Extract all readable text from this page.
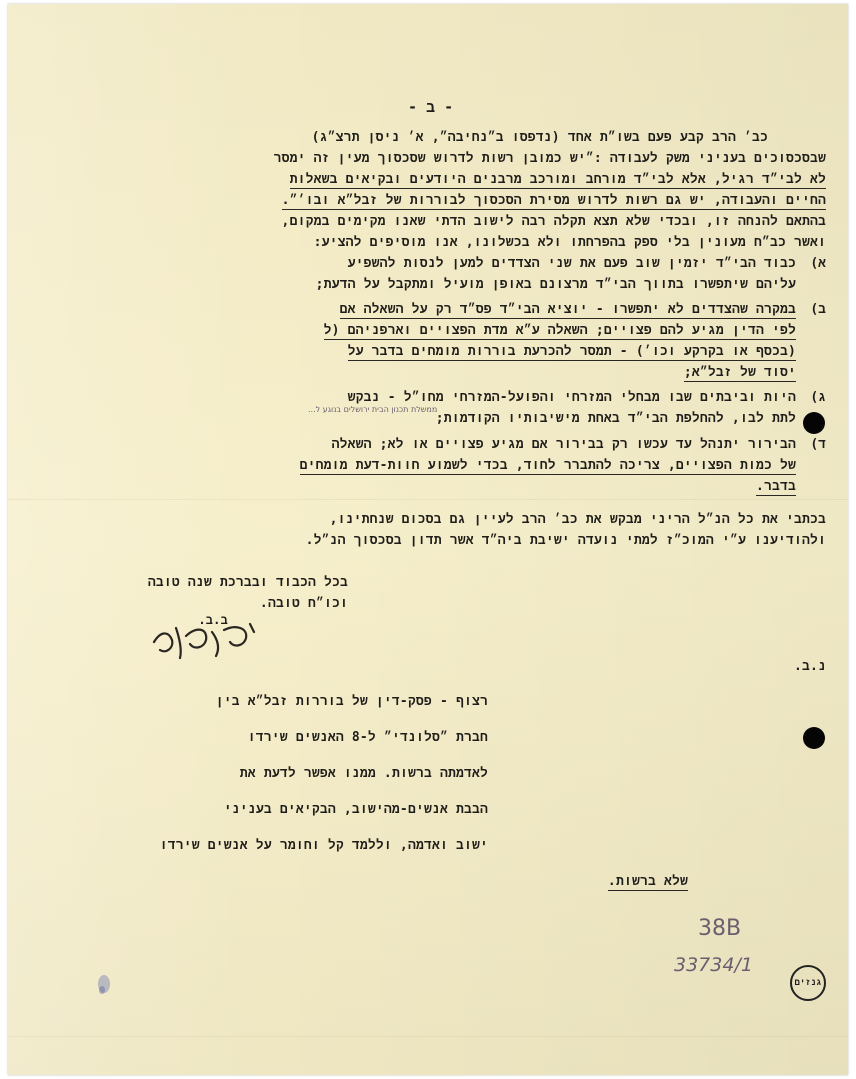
- ב -
כב׳ הרב קבע פעם בשו״ת אחד (נדפסו ב״נחיבה״, א׳ ניסן תרצ״ג)
שבסכסוכים בעניני משק לעבודה :״יש כמובן רשות לדרוש שסכסוך מעין זה ימסר
לא לבי״ד רגיל, אלא לבי״ד מורחב ומורכב מרבנים היודעים ובקיאים בשאלות
החיים והעבודה, יש גם רשות לדרוש מסירת הסכסוך לבוררות של זבל״א ובו׳״.
בהתאם להנחה זו, ובכדי שלא תצא תקלה רבה לישוב הדתי שאנו מקימים במקום,
ואשר כב״ח מעונין בלי ספק בהפרחתו ולא בכשלונו, אנו מוסיפים להציע:
א)
כבוד הבי״ד יזמין שוב פעם את שני הצדדים למען לנסות להשפיע
עליהם שיתפשרו בתווך הבי״ד מרצונם באופן מועיל ומתקבל על הדעת;
ב)
במקרה שהצדדים לא יתפשרו - יוציא הבי״ד פס״ד רק על השאלה אם
לפי הדין מגיע להם פצויים; השאלה ע״א מדת הפצויים וארפניהם (ל
(בכסף או בקרקע וכו׳) - תמסר להכרעת בוררות מומחים בדבר על
יסוד של זבל״א;
ג)
היות וביבתים שבו מבחלי המזרחי והפועל-המזרחי מחו״ל - נבקש
ממשלת תכנון הבית ירושלים בנוגע ל...
לתת לבו, להחלפת הבי״ד באחת מישיבותיו הקודמות;
ד)
הבירור יתנהל עד עכשו רק בבירור אם מגיע פצויים או לא; השאלה
של כמות הפצויים, צריכה להתברר לחוד, בכדי לשמוע חוות-דעת מומחים
בדבר.
בכתבי את כל הנ״ל הריני מבקש את כב׳ הרב לעיין גם בסכום שנחתינו,
ולהודיענו ע״י המוכ״ז למתי נועדה ישיבת ביה״ד אשר תדון בסכסוך הנ״ל.
בכל הכבוד ובברכת שנה טובה
וכו״ח טובה.
ב.ב.
נ.ב.
רצוף - פסק-דין של בוררות זבל״א בין
חברת ״סלונדי״ ל-8 האנשים שירדו
לאדמתה ברשות. ממנו אפשר לדעת את
הבבת אנשים-מהישוב, הבקיאים בעניני
ישוב ואדמה, וללמד קל וחומר על אנשים שירדו
שלא ברשות.
38B
33734/1
גנזים
